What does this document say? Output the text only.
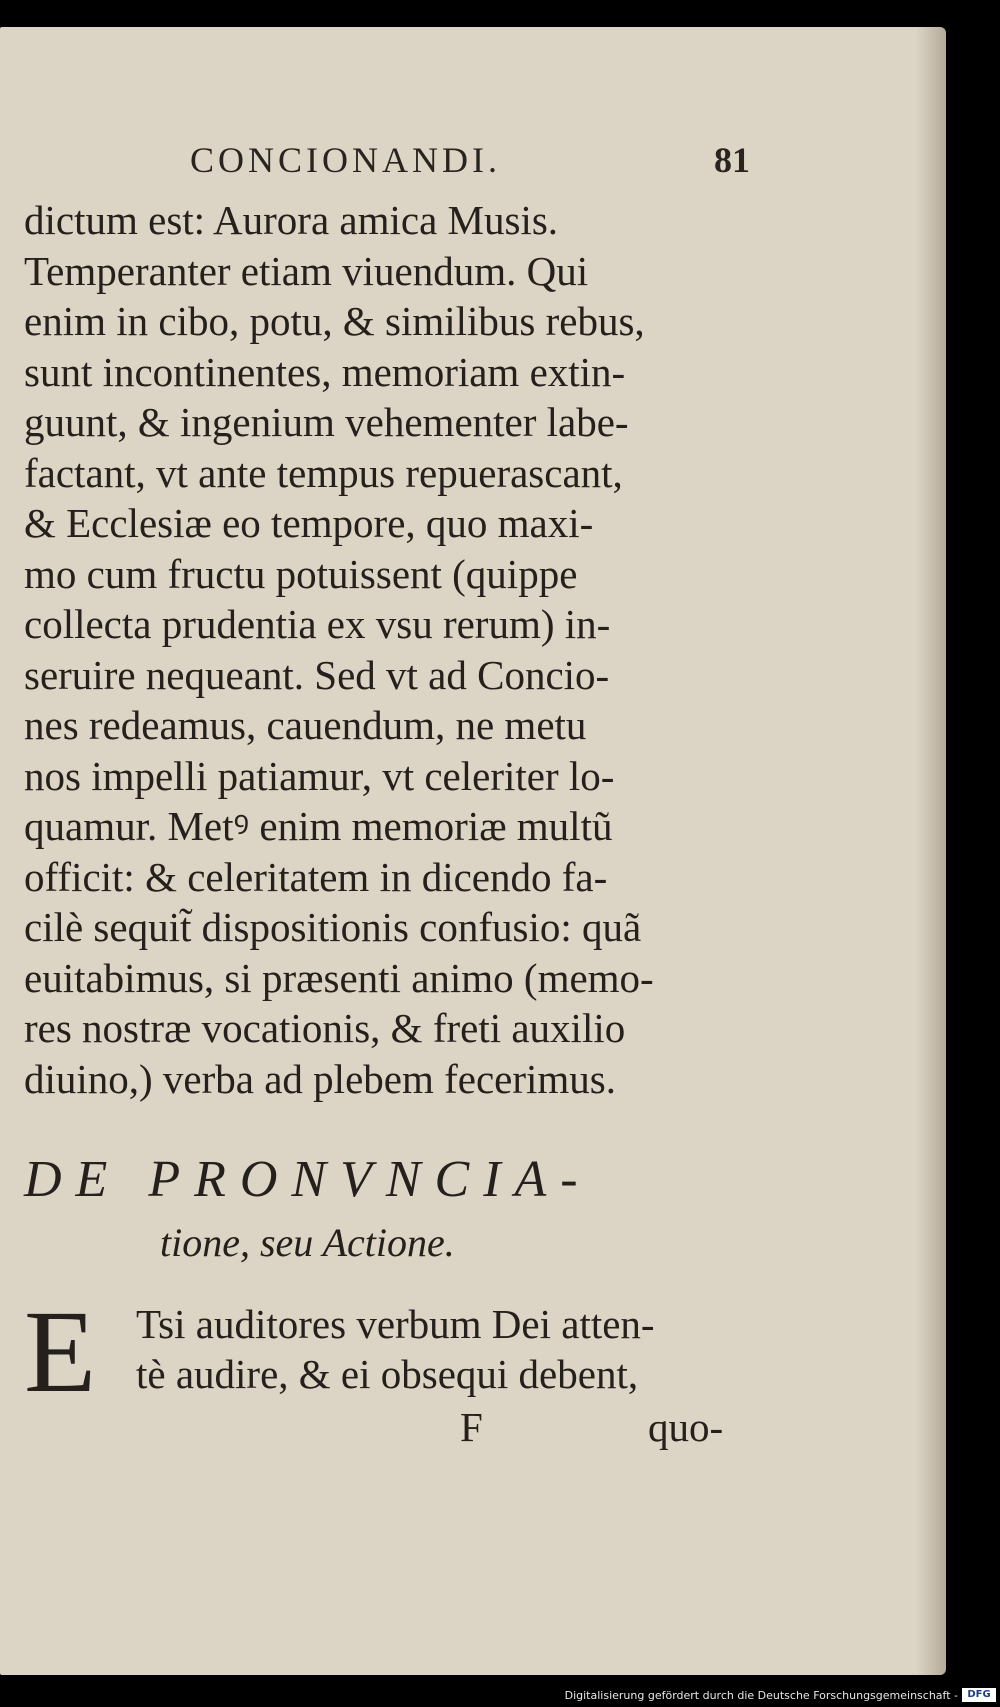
CONCIONANDI.	81
dictum est: Aurora amica Musis.
Temperanter etiam viuendum. Qui
enim in cibo, potu, & similibus rebus,
sunt incontinentes, memoriam extin-
guunt, & ingenium vehementer labe-
factant, vt ante tempus repuerascant,
& Ecclesiæ eo tempore, quo maxi-
mo cum fructu potuissent (quippe
collecta prudentia ex vsu rerum) in-
seruire nequeant. Sed vt ad Concio-
nes redeamus, cauendum, ne metu
nos impelli patiamur, vt celeriter lo-
quamur. Metꝰ enim memoriæ multũ
officit: & celeritatem in dicendo fa-
cilè sequit̃ dispositionis confusio: quã
euitabimus, si præsenti animo (memo-
res nostræ vocationis, & freti auxilio
diuino,) verba ad plebem fecerimus.
DE PRONVNCIA-
tione, seu Actione.
E Tsi auditores verbum Dei atten-
tè audire, & ei obsequi debent,
F	quo-
Digitalisierung gefördert durch die Deutsche Forschungsgemeinschaft - DFG
